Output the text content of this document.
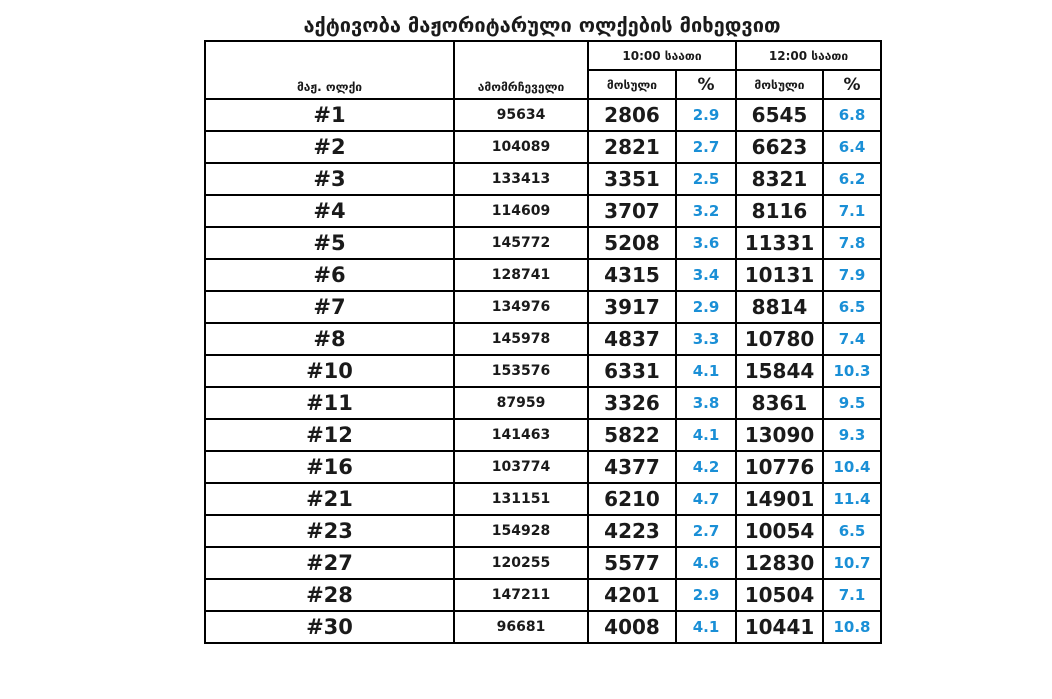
აქტივობა მაჟორიტარული ოლქების მიხედვით
მაჟ. ოლქი	ამომრჩეველი	10:00 საათი		12:00 საათი	
		მოსული	%	მოსული	%
#1	95634	2806	2.9	6545	6.8
#2	104089	2821	2.7	6623	6.4
#3	133413	3351	2.5	8321	6.2
#4	114609	3707	3.2	8116	7.1
#5	145772	5208	3.6	11331	7.8
#6	128741	4315	3.4	10131	7.9
#7	134976	3917	2.9	8814	6.5
#8	145978	4837	3.3	10780	7.4
#10	153576	6331	4.1	15844	10.3
#11	87959	3326	3.8	8361	9.5
#12	141463	5822	4.1	13090	9.3
#16	103774	4377	4.2	10776	10.4
#21	131151	6210	4.7	14901	11.4
#23	154928	4223	2.7	10054	6.5
#27	120255	5577	4.6	12830	10.7
#28	147211	4201	2.9	10504	7.1
#30	96681	4008	4.1	10441	10.8
